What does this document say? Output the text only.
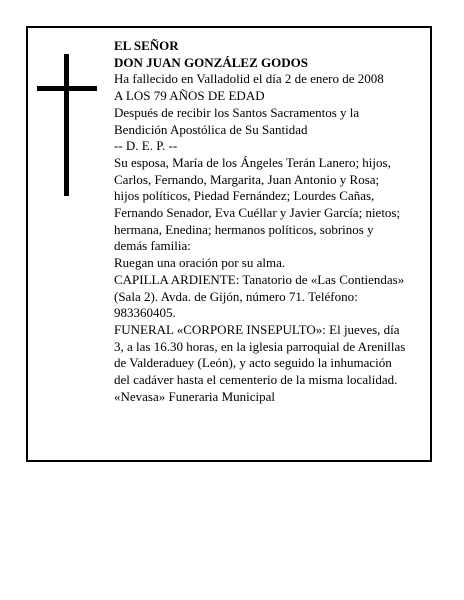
EL SEÑOR
DON JUAN GONZÁLEZ GODOS
Ha fallecido en Valladolid el día 2 de enero de 2008
A LOS 79 AÑOS DE EDAD
Después de recibir los Santos Sacramentos y la
Bendición Apostólica de Su Santidad
-- D. E. P. --
Su esposa, María de los Ángeles Terán Lanero; hijos,
Carlos, Fernando, Margarita, Juan Antonio y Rosa;
hijos políticos, Piedad Fernández; Lourdes Cañas,
Fernando Senador, Eva Cuéllar y Javier García; nietos;
hermana, Enedina; hermanos políticos, sobrinos y
demás familia:
Ruegan una oración por su alma.
CAPILLA ARDIENTE: Tanatorio de «Las Contiendas»
(Sala 2). Avda. de Gijón, número 71. Teléfono:
983360405.
FUNERAL «CORPORE INSEPULTO»: El jueves, día
3, a las 16.30 horas, en la iglesia parroquial de Arenillas
de Valderaduey (León), y acto seguido la inhumación
del cadáver hasta el cementerio de la misma localidad.
«Nevasa» Funeraria Municipal
